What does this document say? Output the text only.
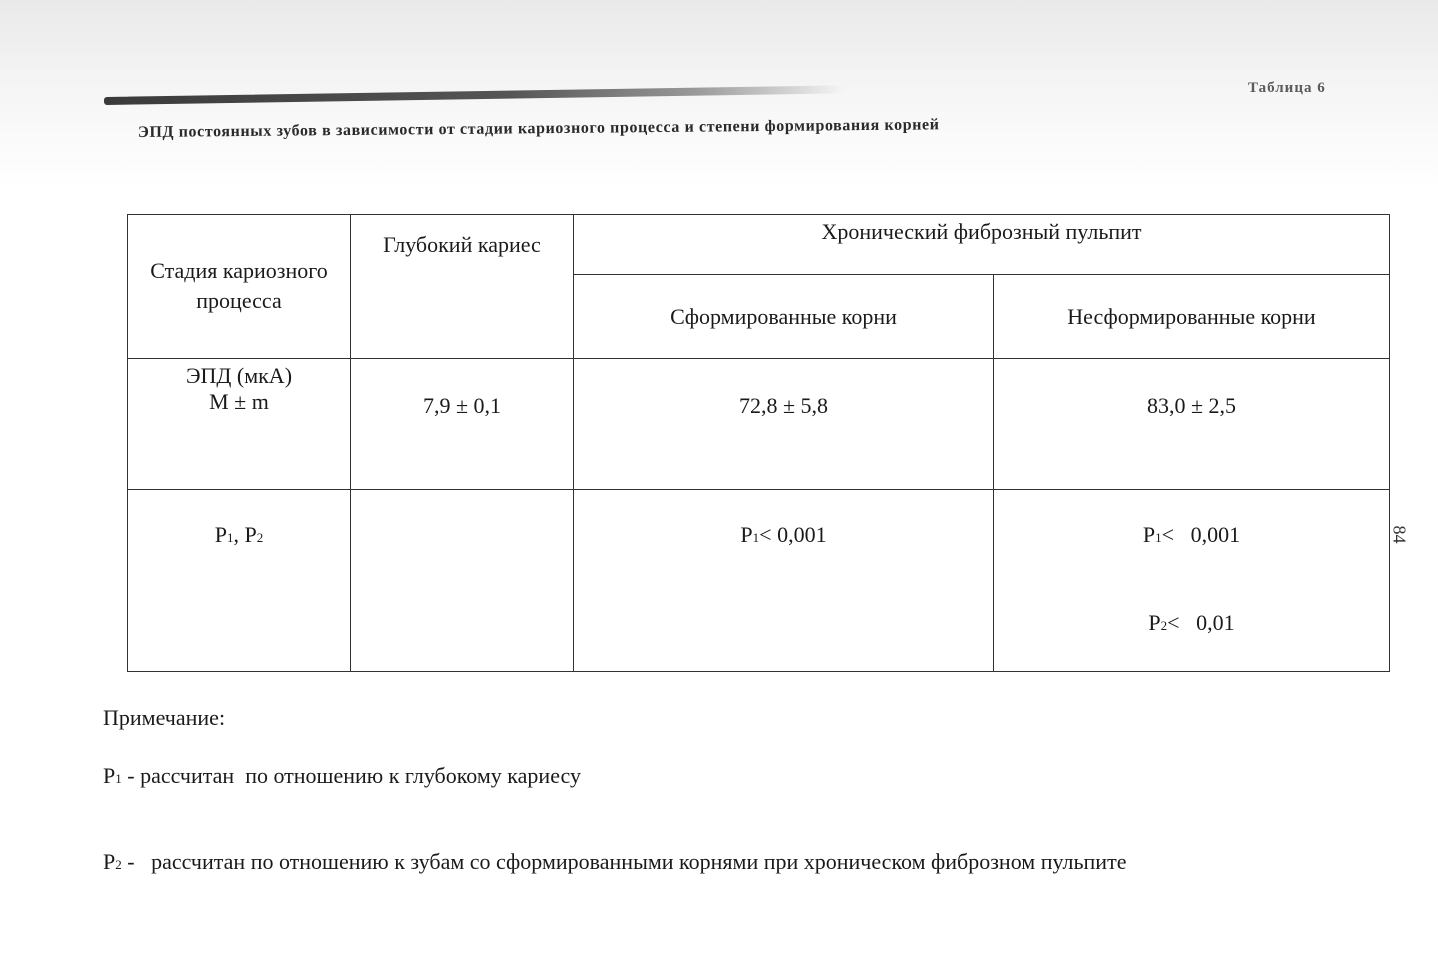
Таблица 6
ЭПД постоянных зубов в зависимости от стадии кариозного процесса и степени формирования корней
84
Стадия кариозного процесса	Глубокий кариес	Хронический фиброзный пульпит	

		Сформированные корни	Несформированные корни

ЭПД (мкА)
M ± m	7,9 ± 0,1	72,8 ± 5,8	83,0 ± 2,5

P1, P2		P1< 0,001	P1<   0,001
P2<   0,01
Примечание:
P1 - рассчитан  по отношению к глубокому кариесу
P2 -   рассчитан по отношению к зубам со сформированными корнями при хроническом фиброзном пульпите
